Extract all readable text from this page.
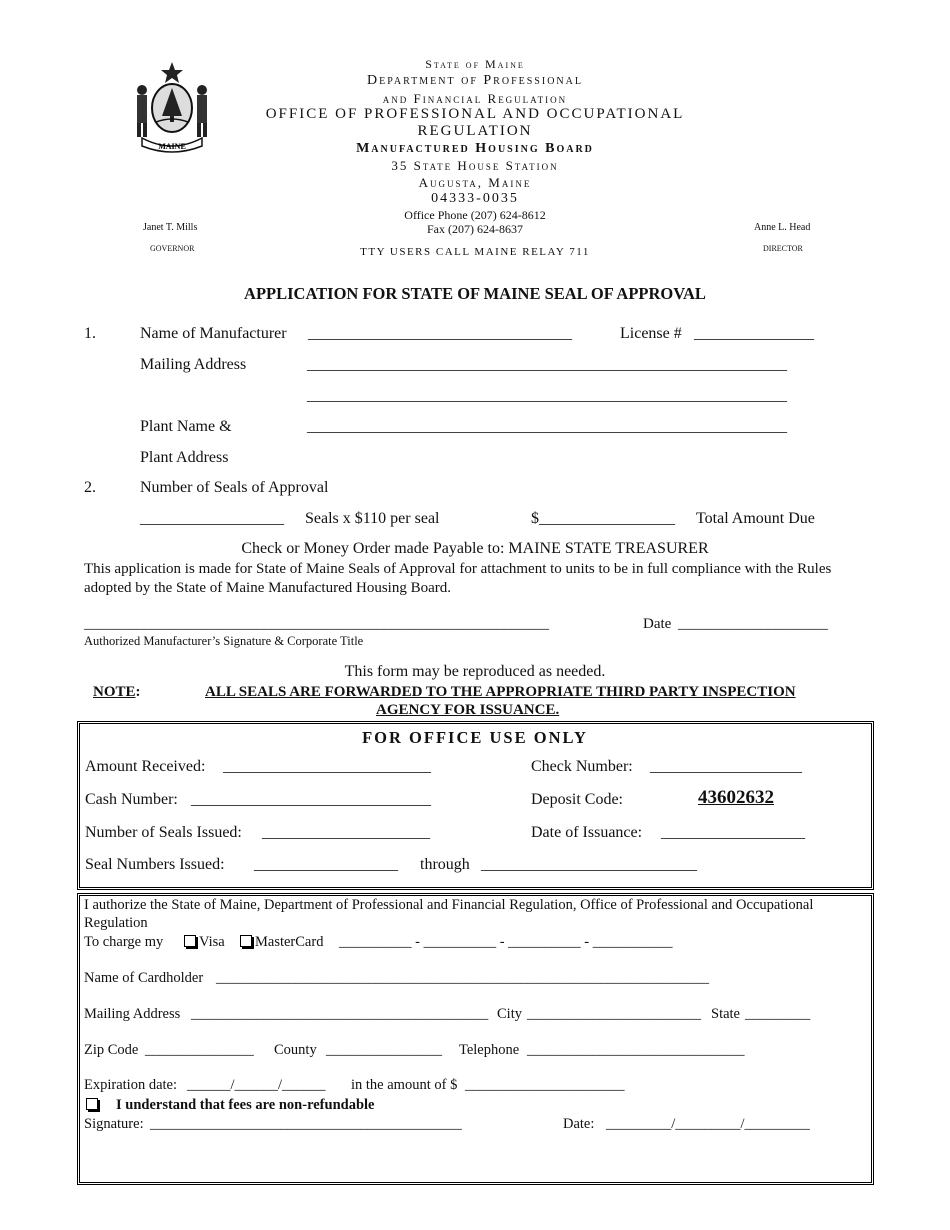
MAINE
State of Maine
Department of Professional
and Financial Regulation
OFFICE OF PROFESSIONAL AND OCCUPATIONAL
REGULATION
Manufactured Housing Board
35 State House Station
Augusta, Maine
04333-0035
Office Phone (207) 624-8612
Fax (207) 624-8637
TTY USERS CALL MAINE RELAY 711
Janet T. Mills
GOVERNOR
Anne L. Head
DIRECTOR
APPLICATION FOR STATE OF MAINE SEAL OF APPROVAL
1.	Name of Manufacturer _________________________________	License # _______________
Mailing Address	____________________________________________________________
____________________________________________________________
Plant Name &	____________________________________________________________
Plant Address
2.	Number of Seals of Approval
__________________ Seals x $110 per seal	$_________________ Total Amount Due
Check or Money Order made Payable to: MAINE STATE TREASURER
This application is made for State of Maine Seals of Approval for attachment to units to be in full compliance with the Rules adopted by the State of Maine Manufactured Housing Board.
______________________________________________________________
Authorized Manufacturer’s Signature & Corporate Title
Date ____________________
This form may be reproduced as needed.
NOTE:	ALL SEALS ARE FORWARDED TO THE APPROPRIATE THIRD PARTY INSPECTION
AGENCY FOR ISSUANCE.
FOR OFFICE USE ONLY
Amount Received: __________________________	Check Number: ___________________
Cash Number: ______________________________	Deposit Code:	43602632
Number of Seals Issued: _____________________	Date of Issuance: __________________
Seal Numbers Issued: __________________ through ___________________________
I authorize the State of Maine, Department of Professional and Financial Regulation, Office of Professional and Occupational
Regulation
To charge my	Visa	MasterCard __________ - __________ - __________ - ___________
Name of Cardholder ____________________________________________________________________
Mailing Address _________________________________________ City ________________________ State _________
Zip Code _______________ County ________________ Telephone ______________________________
Expiration date: ______/______/______ in the amount of $ ______________________
I understand that fees are non-refundable
Signature: ___________________________________________	Date: _________/_________/_________
